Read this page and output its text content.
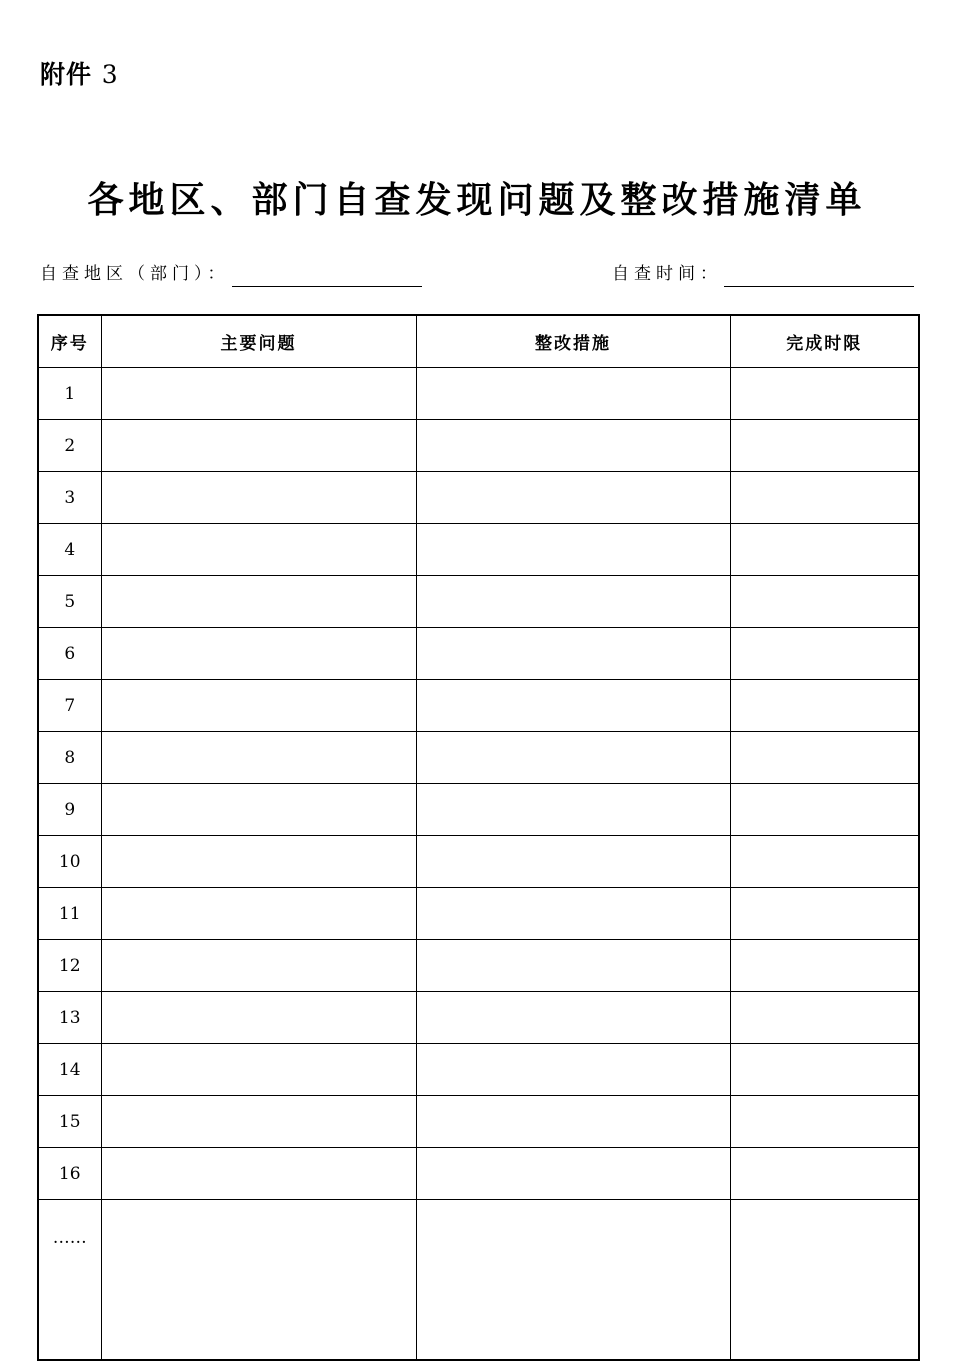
附件 3
各地区、部门自查发现问题及整改措施清单
自查地区（部门）：	自查时间：
序号	主要问题	整改措施	完成时限
1			
2			
3			
4			
5			
6			
7			
8			
9			
10			
11			
12			
13			
14			
15			
16			
……			
